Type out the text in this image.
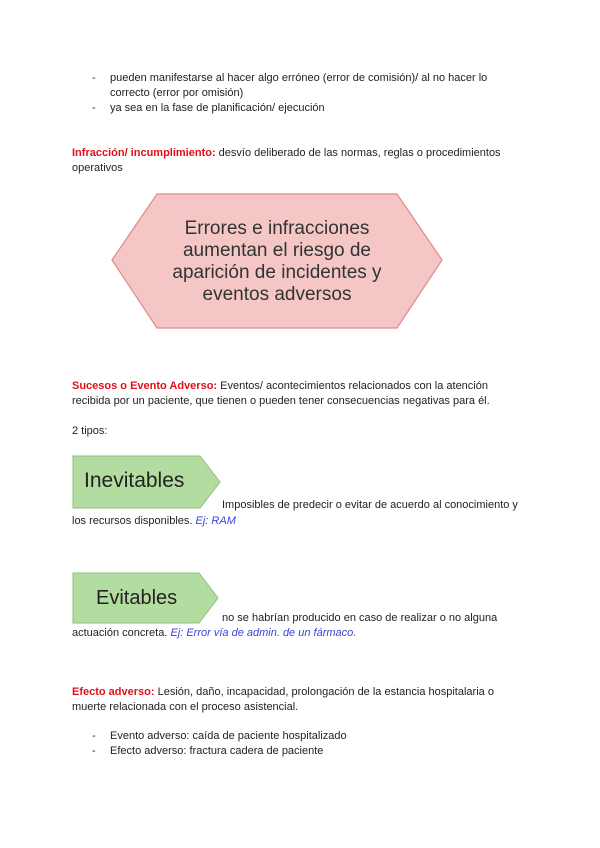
- pueden manifestarse al hacer algo erróneo (error de comisión)/ al no hacer lo
correcto (error por omisión)
- ya sea en la fase de planificación/ ejecución
Infracción/ incumplimiento: desvío deliberado de las normas, reglas o procedimientos
operativos
Errores e infracciones
aumentan el riesgo de
aparición de incidentes y
eventos adversos
Sucesos o Evento Adverso: Eventos/ acontecimientos relacionados con la atención
recibida por un paciente, que tienen o pueden tener consecuencias negativas para él.
2 tipos:
Inevitables
Imposibles de predecir o evitar de acuerdo al conocimiento y
los recursos disponibles. Ej: RAM
Evitables
no se habrían producido en caso de realizar o no alguna
actuación concreta. Ej: Error vía de admin. de un fármaco.
Efecto adverso: Lesión, daño, incapacidad, prolongación de la estancia hospitalaria o
muerte relacionada con el proceso asistencial.
- Evento adverso: caída de paciente hospitalizado
- Efecto adverso: fractura cadera de paciente
